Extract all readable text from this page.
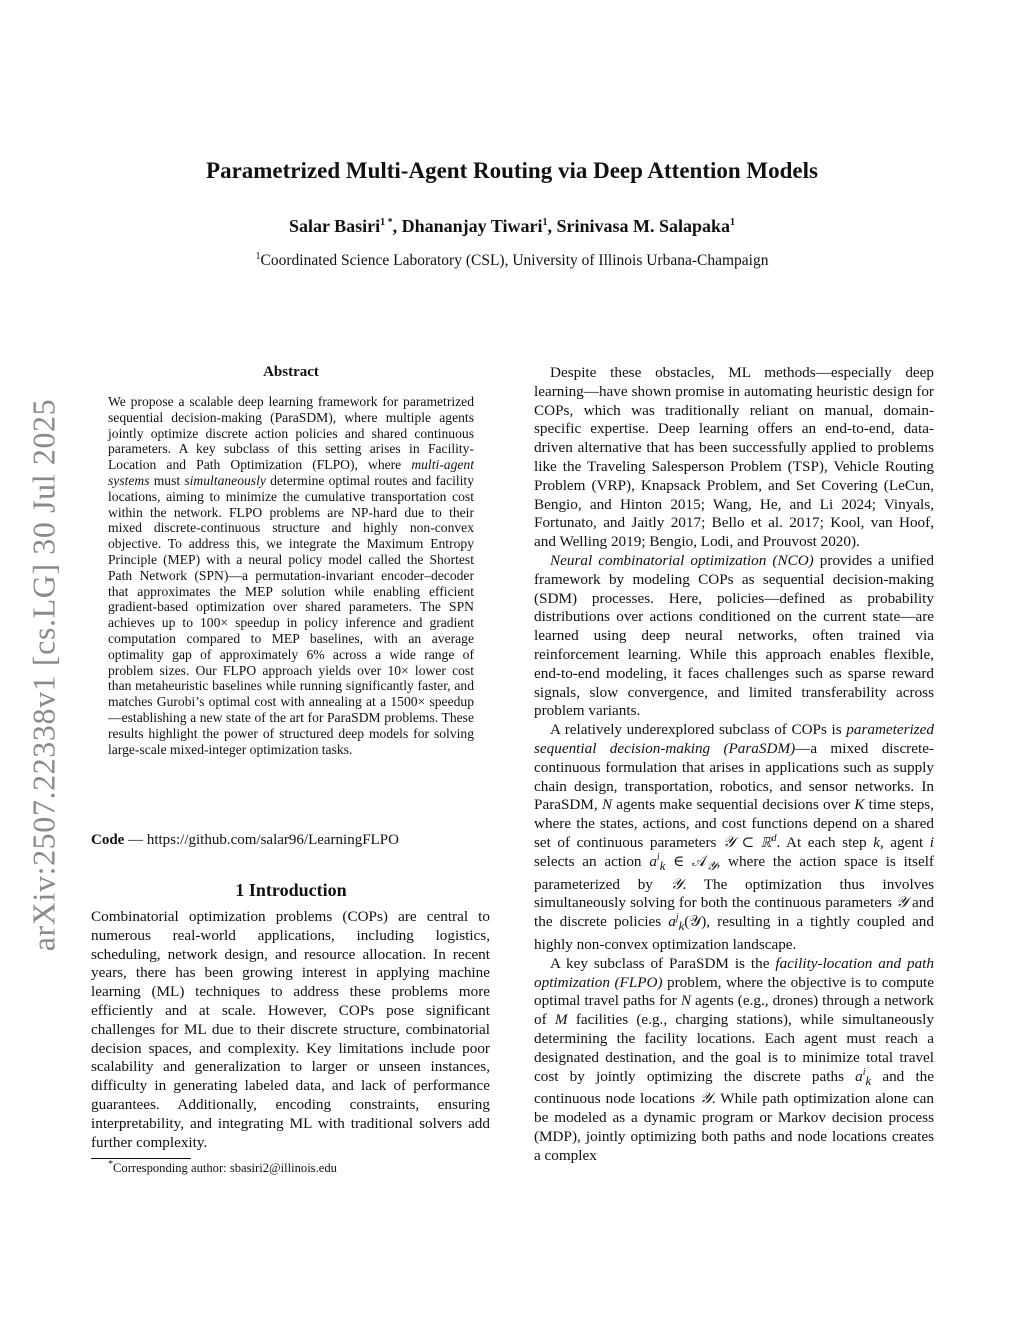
Parametrized Multi-Agent Routing via Deep Attention Models
Salar Basiri$^{1 *}$, Dhananjay Tiwari$^1$, Srinivasa M. Salapaka$^1$
$^1$Coordinated Science Laboratory (CSL), University of Illinois Urbana-Champaign
arXiv:2507.22338v1 [cs.LG] 30 Jul 2025
Abstract
We propose a scalable deep learning framework for parametrized sequential decision-making (ParaSDM), where multiple agents jointly optimize discrete action policies and shared continuous parameters. A key subclass of this setting arises in Facility-Location and Path Optimization (FLPO), where multi-agent systems must simultaneously determine optimal routes and facility locations, aiming to minimize the cumulative transportation cost within the network. FLPO problems are NP-hard due to their mixed discrete-continuous structure and highly non-convex objective. To address this, we integrate the Maximum Entropy Principle (MEP) with a neural policy model called the Shortest Path Network (SPN)—a permutation-invariant encoder–decoder that approximates the MEP solution while enabling efficient gradient-based optimization over shared parameters. The SPN achieves up to 100× speedup in policy inference and gradient computation compared to MEP baselines, with an average optimality gap of approximately 6% across a wide range of problem sizes. Our FLPO approach yields over 10× lower cost than metaheuristic baselines while running significantly faster, and matches Gurobi’s optimal cost with annealing at a 1500× speedup—establishing a new state of the art for ParaSDM problems. These results highlight the power of structured deep models for solving large-scale mixed-integer optimization tasks.
Code — https://github.com/salar96/LearningFLPO
1 Introduction
Combinatorial optimization problems (COPs) are central to numerous real-world applications, including logistics, scheduling, network design, and resource allocation. In recent years, there has been growing interest in applying machine learning (ML) techniques to address these problems more efficiently and at scale. However, COPs pose significant challenges for ML due to their discrete structure, combinatorial decision spaces, and complexity. Key limitations include poor scalability and generalization to larger or unseen instances, difficulty in generating labeled data, and lack of performance guarantees. Additionally, encoding constraints, ensuring interpretability, and integrating ML with traditional solvers add further complexity.
*Corresponding author: sbasiri2@illinois.edu

Despite these obstacles, ML methods—especially deep learning—have shown promise in automating heuristic design for COPs, which was traditionally reliant on manual, domain-specific expertise. Deep learning offers an end-to-end, data-driven alternative that has been successfully applied to problems like the Traveling Salesperson Problem (TSP), Vehicle Routing Problem (VRP), Knapsack Problem, and Set Covering (LeCun, Bengio, and Hinton 2015; Wang, He, and Li 2024; Vinyals, Fortunato, and Jaitly 2017; Bello et al. 2017; Kool, van Hoof, and Welling 2019; Bengio, Lodi, and Prouvost 2020).

Neural combinatorial optimization (NCO) provides a unified framework by modeling COPs as sequential decision-making (SDM) processes. Here, policies—defined as probability distributions over actions conditioned on the current state—are learned using deep neural networks, often trained via reinforcement learning. While this approach enables flexible, end-to-end modeling, it faces challenges such as sparse reward signals, slow convergence, and limited transferability across problem variants.

A relatively underexplored subclass of COPs is parameterized sequential decision-making (ParaSDM)—a mixed discrete-continuous formulation that arises in applications such as supply chain design, transportation, robotics, and sensor networks. In ParaSDM, N agents make sequential decisions over K time steps, where the states, actions, and cost functions depend on a shared set of continuous parameters 𝒴 ⊂ ℝ$^d$. At each step k, agent i selects an action $a^i_k$ ∈ 𝒜$_𝒴$, where the action space is itself parameterized by 𝒴. The optimization thus involves simultaneously solving for both the continuous parameters 𝒴 and the discrete policies $a^j_k(𝒴)$, resulting in a tightly coupled and highly non-convex optimization landscape.

A key subclass of ParaSDM is the facility-location and path optimization (FLPO) problem, where the objective is to compute optimal travel paths for N agents (e.g., drones) through a network of M facilities (e.g., charging stations), while simultaneously determining the facility locations. Each agent must reach a designated destination, and the goal is to minimize total travel cost by jointly optimizing the discrete paths $a^i_k$ and the continuous node locations 𝒴. While path optimization alone can be modeled as a dynamic program or Markov decision process (MDP), jointly optimizing both paths and node locations creates a complex
